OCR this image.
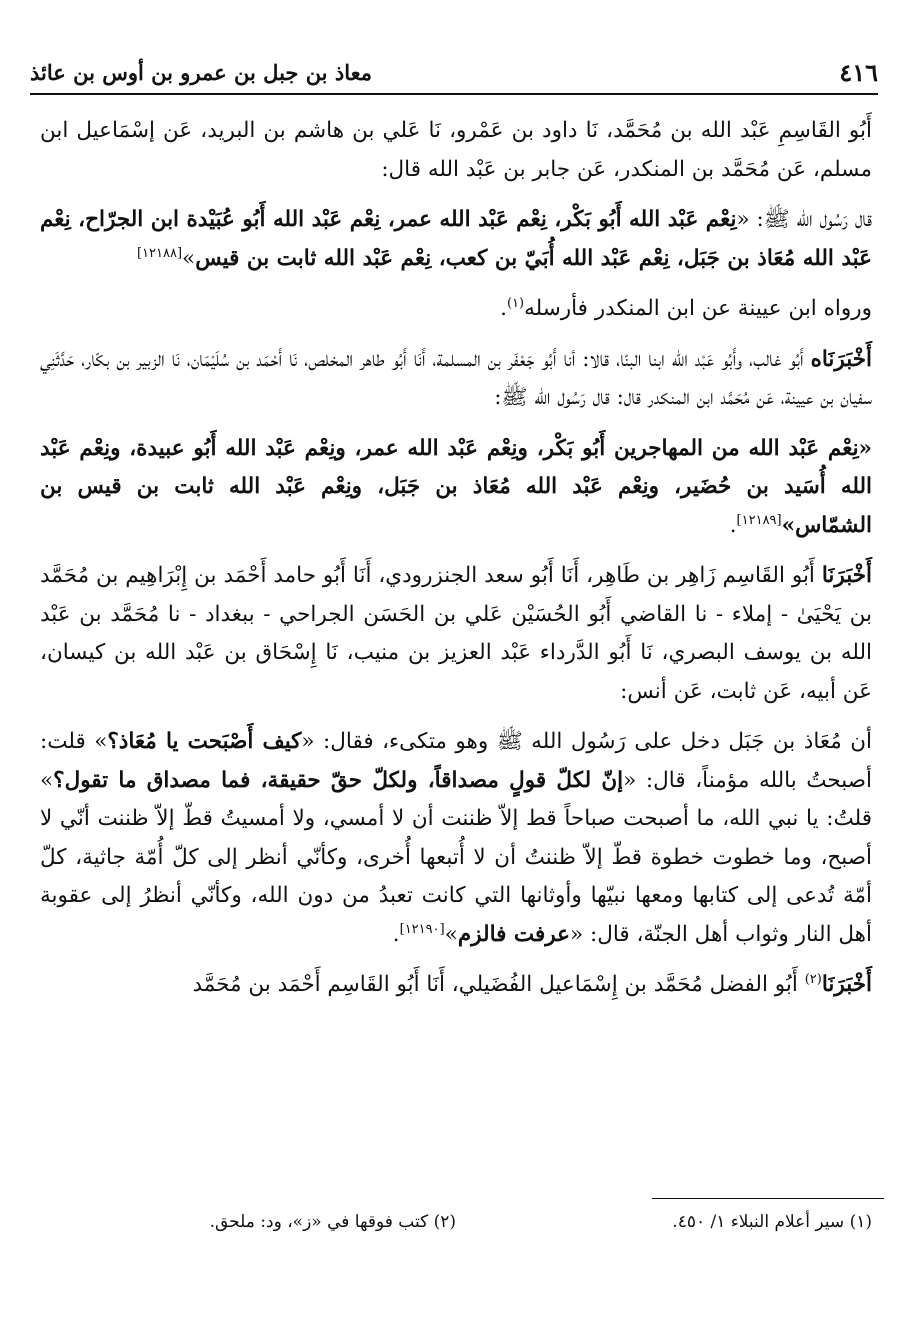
٤١٦
معاذ بن جبل بن عمرو بن أوس بن عائذ

أَبُو القَاسِمِ عَبْد الله بن مُحَمَّد، نَا داود بن عَمْرو، نَا عَلي بن هاشم بن البريد، عَن إسْمَاعيل ابن مسلم، عَن مُحَمَّد بن المنكدر، عَن جابر بن عَبْد الله قال:

قال رَسُول الله ﷺ: «نِعْم عَبْد الله أَبُو بَكْر، نِعْم عَبْد الله عمر، نِعْم عَبْد الله أَبُو عُبَيْدة ابن الجرّاح، نِعْم عَبْد الله مُعَاذ بن جَبَل، نِعْم عَبْد الله أُبَيّ بن كعب، نِعْم عَبْد الله ثابت بن قيس»[١٢١٨٨]

ورواه ابن عيينة عن ابن المنكدر فأرسله$^{(١)}$.

أَخْبَرَنَاه أَبُو غالب، وأَبُو عَبْد الله ابنا البنّا، قالا: أنا أَبُو جَعْفَر بن المسلمة، أَنَا أَبُو طاهر المخلص، نَا أَحْمَد بن سُلَيْمَان، نَا الزبير بن بكّار، حَدَّثَنِي سفيان بن عيينة، عَن مُحَمَّد ابن المنكدر قال: قال رَسُول الله ﷺ:

«نِعْم عَبْد الله من المهاجرين أَبُو بَكْر، ونِعْم عَبْد الله عمر، ونِعْم عَبْد الله أَبُو عبيدة، ونِعْم عَبْد الله أُسَيد بن حُضَير، ونِعْم عَبْد الله مُعَاذ بن جَبَل، ونِعْم عَبْد الله ثابت بن قيس بن الشمّاس»[١٢١٨٩].

أَخْبَرَنَا أَبُو القَاسِم زَاهِر بن طَاهِر، أَنَا أَبُو سعد الجنزرودي، أَنَا أَبُو حامد أَحْمَد بن إِبْرَاهِيم بن مُحَمَّد بن يَحْيَىٰ - إملاء - نا القاضي أَبُو الحُسَيْن عَلي بن الحَسَن الجراحي - ببغداد - نا مُحَمَّد بن عَبْد الله بن يوسف البصري، نَا أَبُو الدَّرداء عَبْد العزيز بن منيب، نَا إِسْحَاق بن عَبْد الله بن كيسان، عَن أبيه، عَن ثابت، عَن أنس:

أن مُعَاذ بن جَبَل دخل على رَسُول الله ﷺ وهو متكىء، فقال: «كيف أَصْبَحت يا مُعَاذ؟» قلت: أصبحتُ بالله مؤمناً، قال: «إنّ لكلّ قولٍ مصداقاً، ولكلّ حقّ حقيقة، فما مصداق ما تقول؟» قلتُ: يا نبي الله، ما أصبحت صباحاً قط إلاّ ظننت أن لا أمسي، ولا أمسيتُ قطّ إلاّ ظننت أنّي لا أصبح، وما خطوت خطوة قطّ إلاّ ظننتُ أن لا أُتبعها أُخرى، وكأنّي أنظر إلى كلّ أُمّة جاثية، كلّ أمّة تُدعى إلى كتابها ومعها نبيّها وأوثانها التي كانت تعبدُ من دون الله، وكأنّي أنظرُ إلى عقوبة أهل النار وثواب أهل الجنّة، قال: «عرفت فالزم»[١٢١٩٠].

أَخْبَرَنَا$^{(٢)}$ أَبُو الفضل مُحَمَّد بن إِسْمَاعيل الفُضَيلي، أَنَا أَبُو القَاسِم أَحْمَد بن مُحَمَّد

(١) سير أعلام النبلاء ١/ ٤٥٠.
(٢) كتب فوقها في «ز»، ود: ملحق.
